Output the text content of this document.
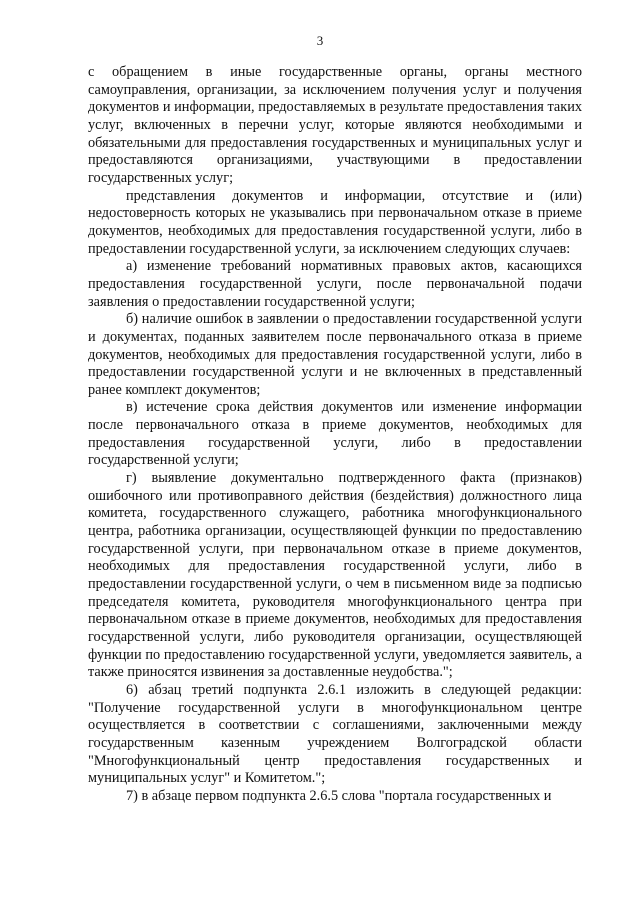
3

с обращением в иные государственные органы, органы местного самоуправления, организации, за исключением получения услуг и получения документов и информации, предоставляемых в результате предоставления таких услуг, включенных в перечни услуг, которые являются необходимыми и обязательными для предоставления государственных и муниципальных услуг и предоставляются организациями, участвующими в предоставлении государственных услуг;

представления документов и информации, отсутствие и (или) недостоверность которых не указывались при первоначальном отказе в приеме документов, необходимых для предоставления государственной услуги, либо в предоставлении государственной услуги, за исключением следующих случаев:

а) изменение требований нормативных правовых актов, касающихся предоставления государственной услуги, после первоначальной подачи заявления о предоставлении государственной услуги;

б) наличие ошибок в заявлении о предоставлении государственной услуги и документах, поданных заявителем после первоначального отказа в приеме документов, необходимых для предоставления государственной услуги, либо в предоставлении государственной услуги и не включенных в представленный ранее комплект документов;

в) истечение срока действия документов или изменение информации после первоначального отказа в приеме документов, необходимых для предоставления государственной услуги, либо в предоставлении государственной услуги;

г) выявление документально подтвержденного факта (признаков) ошибочного или противоправного действия (бездействия) должностного лица комитета, государственного служащего, работника многофункционального центра, работника организации, осуществляющей функции по предоставлению государственной услуги, при первоначальном отказе в приеме документов, необходимых для предоставления государственной услуги, либо в предоставлении государственной услуги, о чем в письменном виде за подписью председателя комитета, руководителя многофункционального центра при первоначальном отказе в приеме документов, необходимых для предоставления государственной услуги, либо руководителя организации, осуществляющей функции по предоставлению государственной услуги, уведомляется заявитель, а также приносятся извинения за доставленные неудобства.";

6) абзац третий подпункта 2.6.1 изложить в следующей редакции: "Получение государственной услуги в многофункциональном центре осуществляется в соответствии с соглашениями, заключенными между государственным казенным учреждением Волгоградской области "Многофункциональный центр предоставления государственных и муниципальных услуг" и Комитетом.";

7) в абзаце первом подпункта 2.6.5 слова "портала государственных и
